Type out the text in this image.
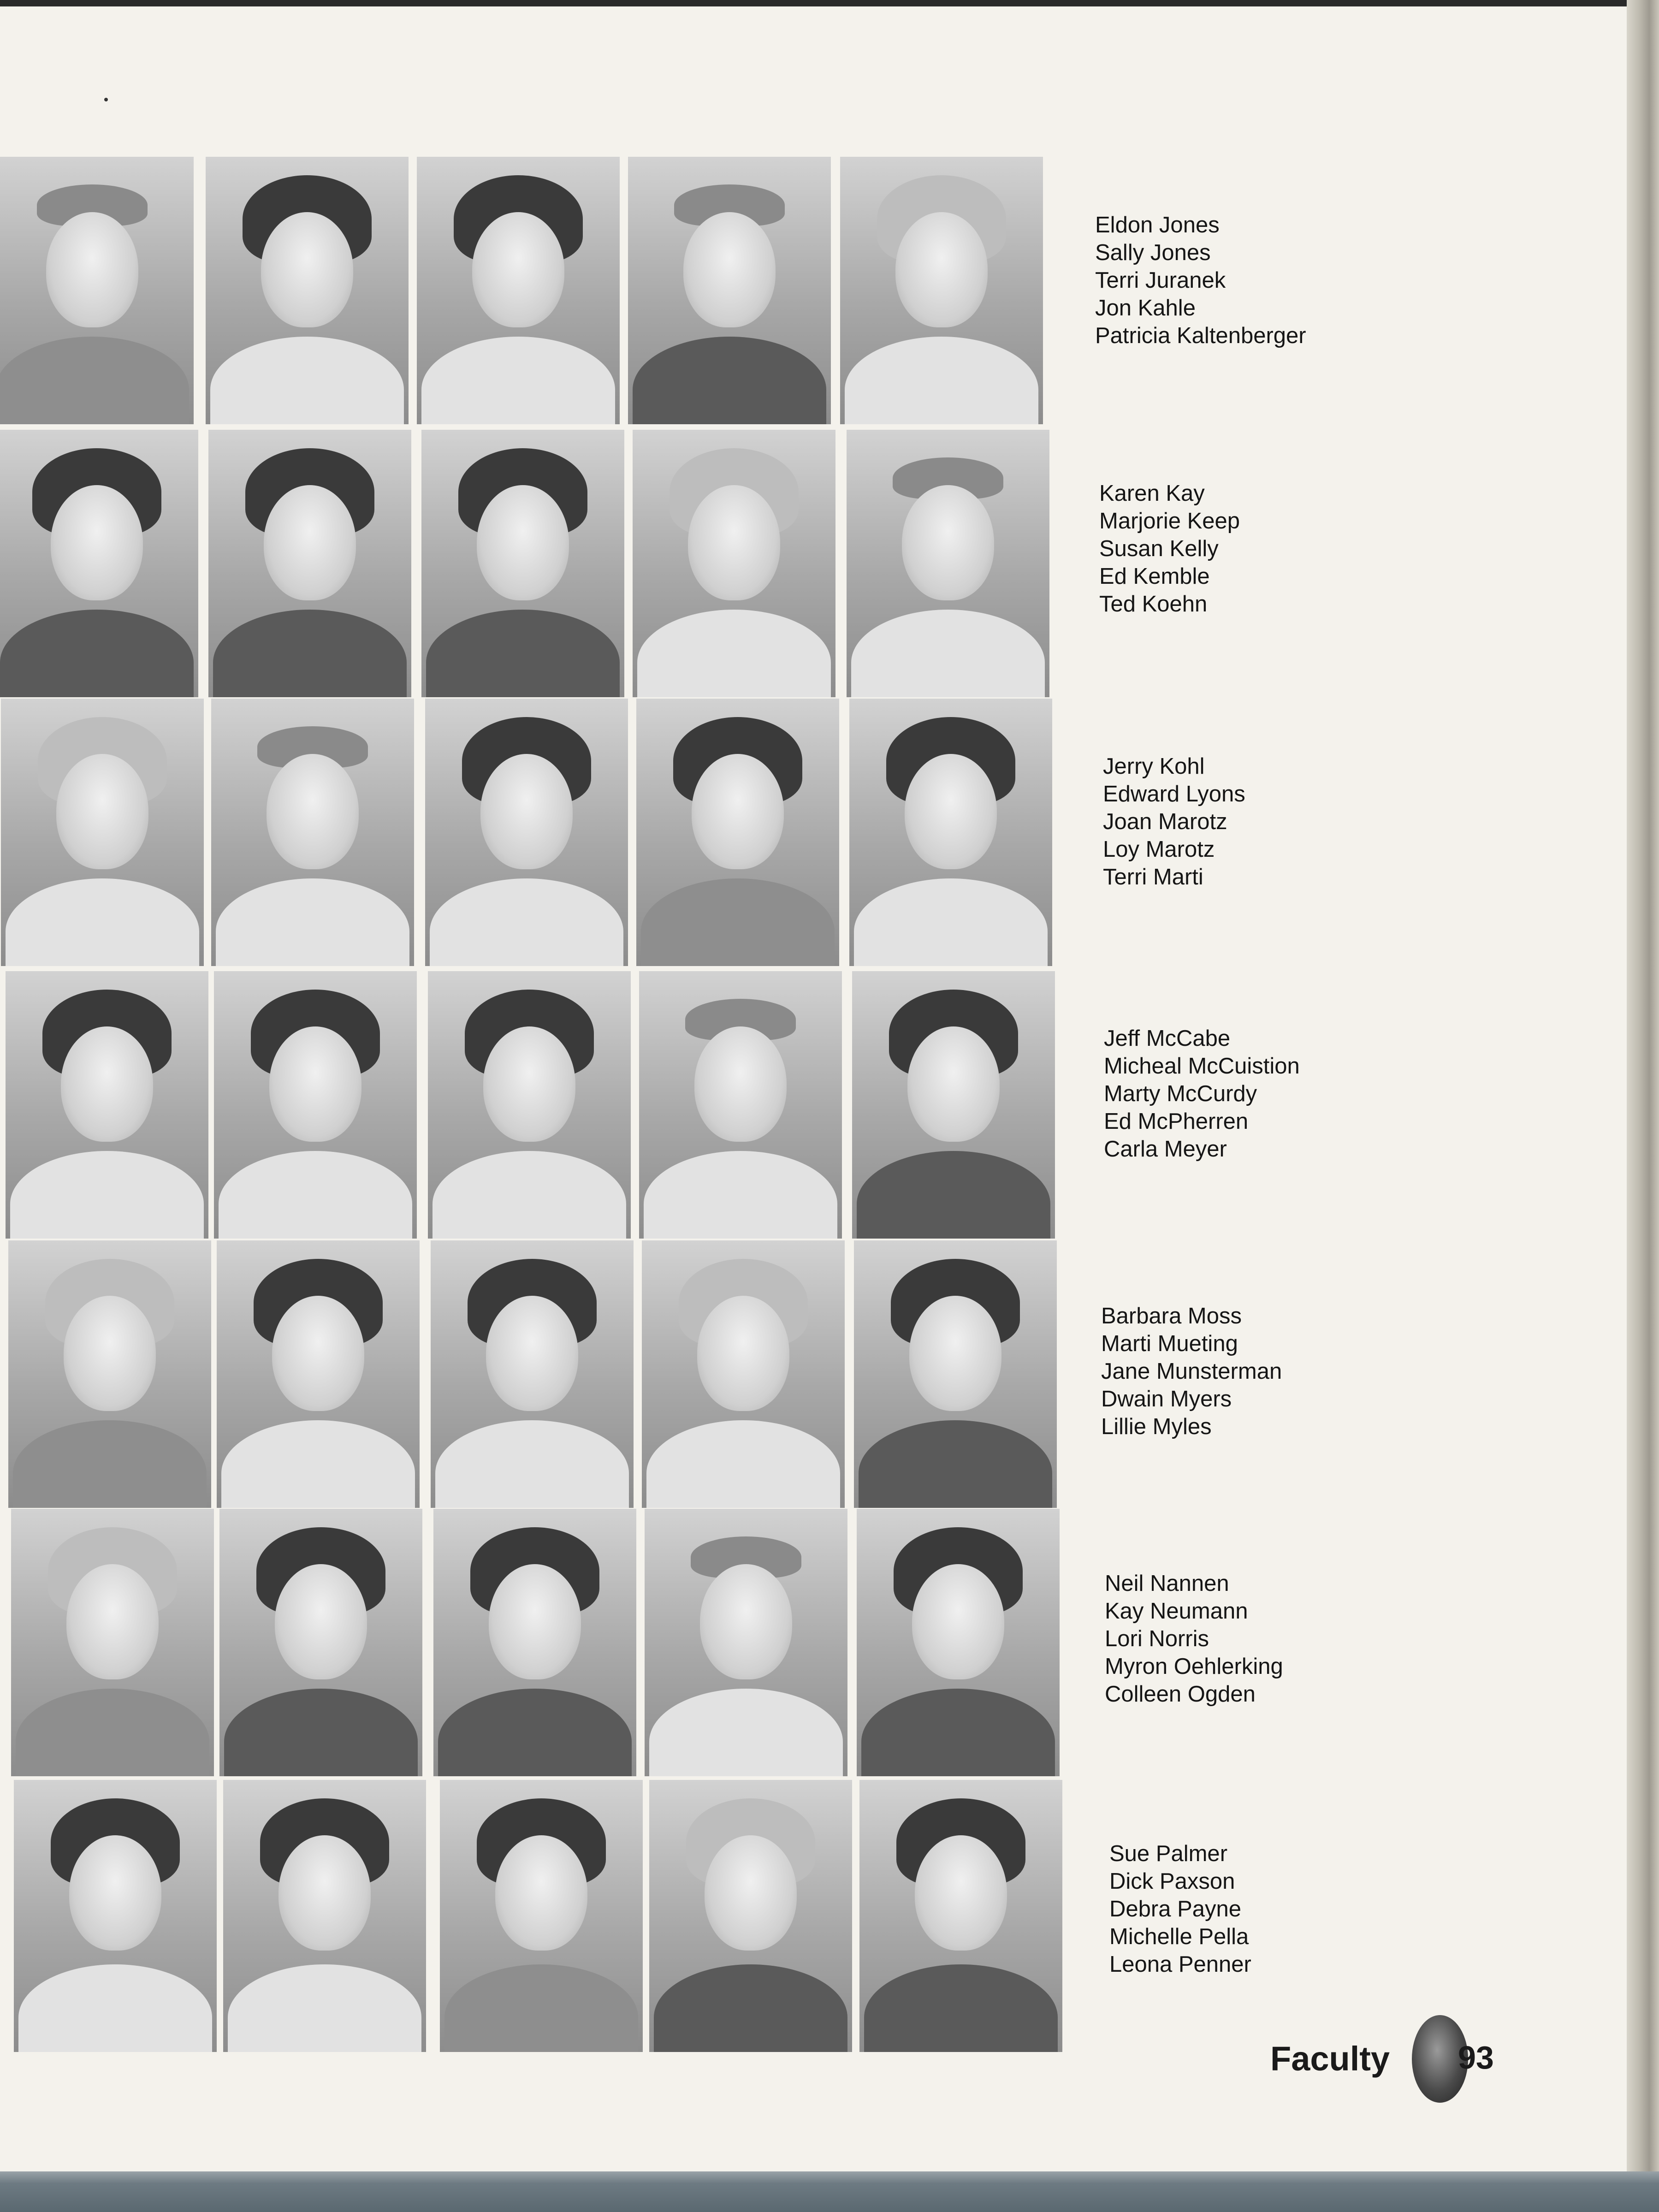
Eldon Jones
Sally Jones
Terri Juranek
Jon Kahle
Patricia Kaltenberger
Karen Kay
Marjorie Keep
Susan Kelly
Ed Kemble
Ted Koehn
Jerry Kohl
Edward Lyons
Joan Marotz
Loy Marotz
Terri Marti
Jeff McCabe
Micheal McCuistion
Marty McCurdy
Ed McPherren
Carla Meyer
Barbara Moss
Marti Mueting
Jane Munsterman
Dwain Myers
Lillie Myles
Neil Nannen
Kay Neumann
Lori Norris
Myron Oehlerking
Colleen Ogden
Sue Palmer
Dick Paxson
Debra Payne
Michelle Pella
Leona Penner
Faculty 93
